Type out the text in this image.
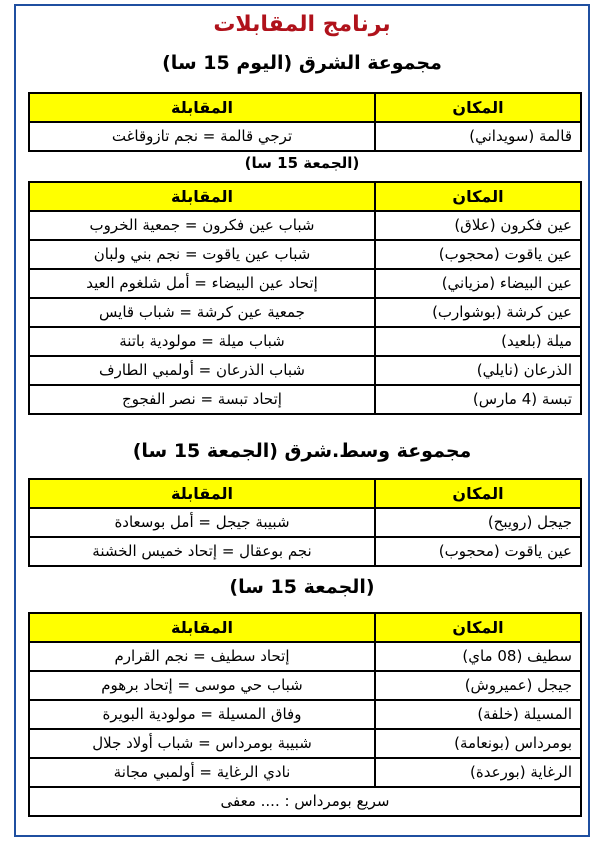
برنامج المقابلات
مجموعة الشرق (اليوم 15 سا)
المكان	المقابلة
قالمة (سويداني)	ترجي قالمة = نجم تازوقاغت
(الجمعة 15 سا)
المكان	المقابلة
عين فكرون (علاق)	شباب عين فكرون = جمعية الخروب
عين ياقوت (محجوب)	شباب عين ياقوت = نجم بني ولبان
عين البيضاء (مزياني)	إتحاد عين البيضاء = أمل شلغوم العيد
عين كرشة (بوشوارب)	جمعية عين كرشة = شباب قايس
ميلة (بلعيد)	شباب ميلة = مولودية باتنة
الذرعان (نايلي)	شباب الذرعان = أولمبي الطارف
تبسة (4 مارس)	إتحاد تبسة = نصر الفجوج
مجموعة وسط.شرق (الجمعة 15 سا)
المكان	المقابلة
جيجل (رويبح)	شبيبة جيجل = أمل بوسعادة
عين ياقوت (محجوب)	نجم بوعقال = إتحاد خميس الخشنة
(الجمعة 15 سا)
المكان	المقابلة
سطيف (08 ماي)	إتحاد سطيف = نجم القرارم
جيجل (عميروش)	شباب حي موسى = إتحاد برهوم
المسيلة (خلفة)	وفاق المسيلة = مولودية البويرة
بومرداس (بونعامة)	شبيبة بومرداس = شباب أولاد جلال
الرغاية (بورعدة)	نادي الرغاية = أولمبي مجانة
سريع بومرداس : .... معفى	
